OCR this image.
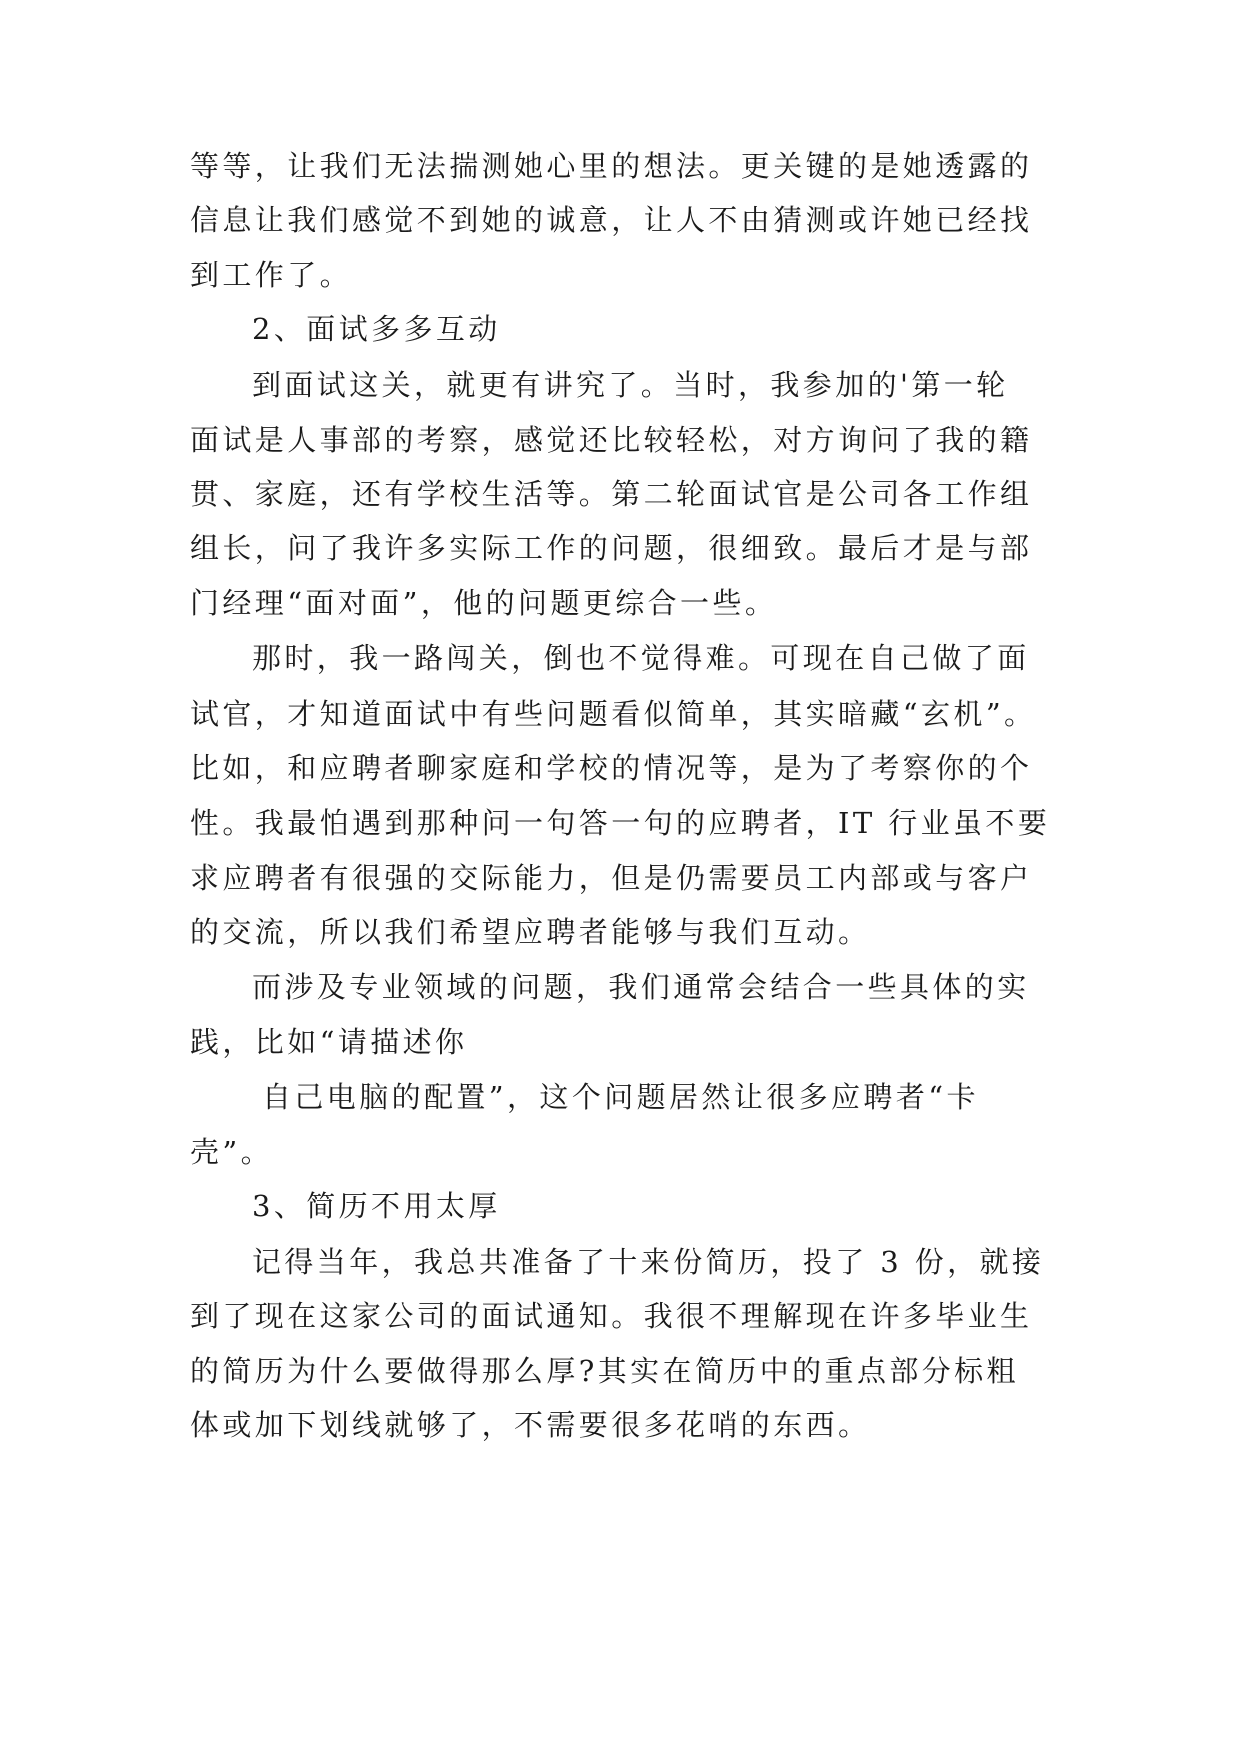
等等，让我们无法揣测她心里的想法。更关键的是她透露的
信息让我们感觉不到她的诚意，让人不由猜测或许她已经找
到工作了。
2、面试多多互动
到面试这关，就更有讲究了。当时，我参加的'第一轮
面试是人事部的考察，感觉还比较轻松，对方询问了我的籍
贯、家庭，还有学校生活等。第二轮面试官是公司各工作组
组长，问了我许多实际工作的问题，很细致。最后才是与部
门经理“面对面”，他的问题更综合一些。
那时，我一路闯关，倒也不觉得难。可现在自己做了面
试官，才知道面试中有些问题看似简单，其实暗藏“玄机”。
比如，和应聘者聊家庭和学校的情况等，是为了考察你的个
性。我最怕遇到那种问一句答一句的应聘者，IT 行业虽不要
求应聘者有很强的交际能力，但是仍需要员工内部或与客户
的交流，所以我们希望应聘者能够与我们互动。
而涉及专业领域的问题，我们通常会结合一些具体的实
践，比如“请描述你
自己电脑的配置”，这个问题居然让很多应聘者“卡
壳”。
3、简历不用太厚
记得当年，我总共准备了十来份简历，投了 3 份，就接
到了现在这家公司的面试通知。我很不理解现在许多毕业生
的简历为什么要做得那么厚?其实在简历中的重点部分标粗
体或加下划线就够了，不需要很多花哨的东西。
